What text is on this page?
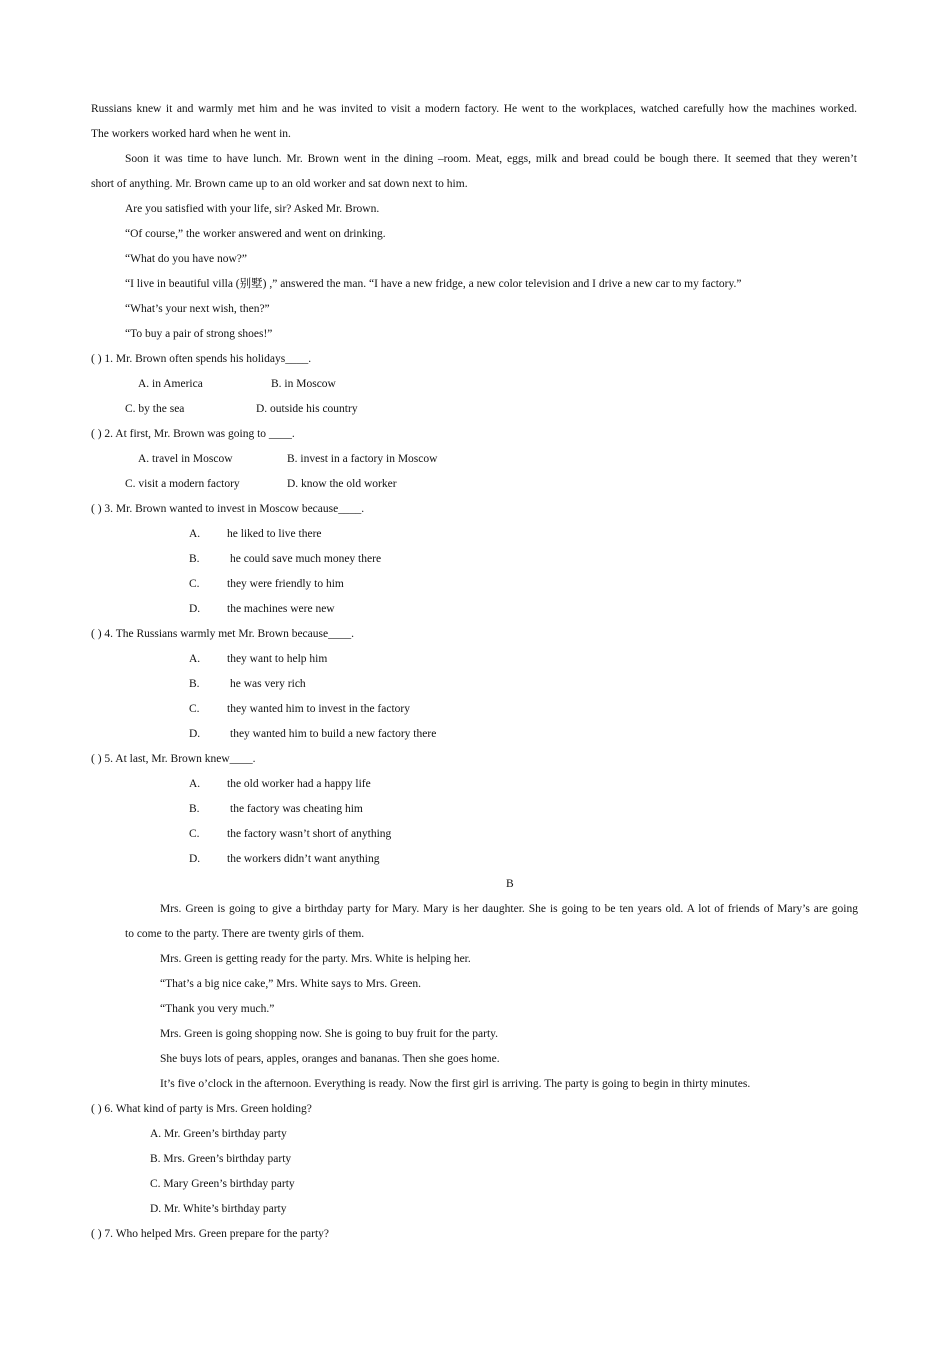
Russians knew it and warmly met him and he was invited to visit a modern factory. He went to the workplaces, watched carefully how the machines worked.
The workers worked hard when he went in.
Soon it was time to have lunch. Mr. Brown went in the dining –room. Meat, eggs, milk and bread could be bough there. It seemed that they weren’t
short of anything. Mr. Brown came up to an old worker and sat down next to him.
Are you satisfied with your life, sir? Asked Mr. Brown.
“Of course,” the worker answered and went on drinking.
“What do you have now?”
“I live in beautiful villa (别墅) ,” answered the man. “I have a new fridge, a new color television and I drive a new car to my factory.”
“What’s your next wish, then?”
“To buy a pair of strong shoes!”
( ) 1. Mr. Brown often spends his holidays____.
A. in America	B. in Moscow
C. by the sea	D. outside his country
( ) 2. At first, Mr. Brown was going to ____.
A. travel in Moscow	B. invest in a factory in Moscow
C. visit a modern factory	D. know the old worker
( ) 3. Mr. Brown wanted to invest in Moscow because____.
A. he liked to live there
B.	he could save much money there
C. they were friendly to him
D. the machines were new
( ) 4. The Russians warmly met Mr. Brown because____.
A. they want to help him
B.	he was very rich
C. they wanted him to invest in the factory
D.	they wanted him to build a new factory there
( ) 5. At last, Mr. Brown knew____.
A. the old worker had a happy life
B.	the factory was cheating him
C. the factory wasn’t short of anything
D. the workers didn’t want anything
B
Mrs. Green is going to give a birthday party for Mary. Mary is her daughter. She is going to be ten years old. A lot of friends of Mary’s are going
to come to the party. There are twenty girls of them.
Mrs. Green is getting ready for the party. Mrs. White is helping her.
“That’s a big nice cake,” Mrs. White says to Mrs. Green.
“Thank you very much.”
Mrs. Green is going shopping now. She is going to buy fruit for the party.
She buys lots of pears, apples, oranges and bananas. Then she goes home.
It’s five o’clock in the afternoon. Everything is ready. Now the first girl is arriving. The party is going to begin in thirty minutes.
( ) 6. What kind of party is Mrs. Green holding?
A. Mr. Green’s birthday party
B. Mrs. Green’s birthday party
C. Mary Green’s birthday party
D. Mr. White’s birthday party
( ) 7. Who helped Mrs. Green prepare for the party?
